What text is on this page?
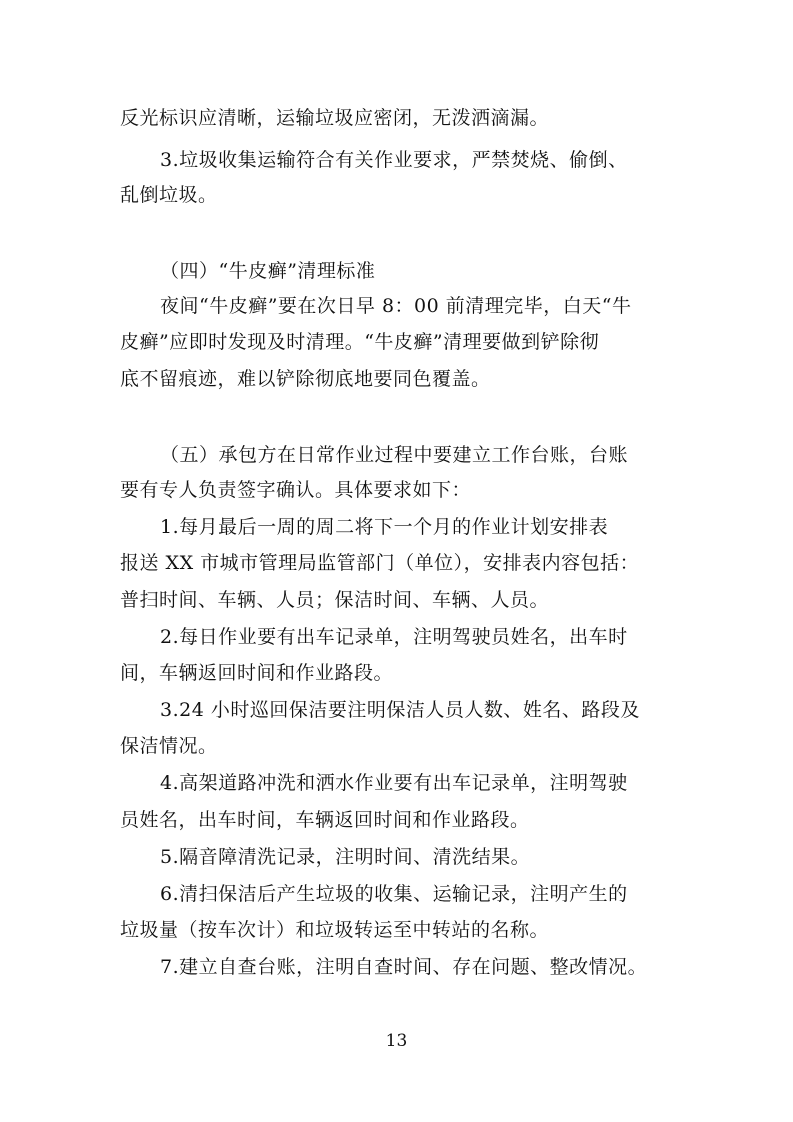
反光标识应清晰，运输垃圾应密闭，无泼洒滴漏。
3.垃圾收集运输符合有关作业要求，严禁焚烧、偷倒、
乱倒垃圾。
（四）“牛皮癣”清理标准
夜间“牛皮癣”要在次日早 8：00 前清理完毕，白天“牛
皮癣”应即时发现及时清理。“牛皮癣”清理要做到铲除彻
底不留痕迹，难以铲除彻底地要同色覆盖。
（五）承包方在日常作业过程中要建立工作台账，台账
要有专人负责签字确认。具体要求如下：
1.每月最后一周的周二将下一个月的作业计划安排表
报送 XX 市城市管理局监管部门（单位），安排表内容包括：
普扫时间、车辆、人员；保洁时间、车辆、人员。
2.每日作业要有出车记录单，注明驾驶员姓名，出车时
间，车辆返回时间和作业路段。
3.24 小时巡回保洁要注明保洁人员人数、姓名、路段及
保洁情况。
4.高架道路冲洗和洒水作业要有出车记录单，注明驾驶
员姓名，出车时间，车辆返回时间和作业路段。
5.隔音障清洗记录，注明时间、清洗结果。
6.清扫保洁后产生垃圾的收集、运输记录，注明产生的
垃圾量（按车次计）和垃圾转运至中转站的名称。
7.建立自查台账，注明自查时间、存在问题、整改情况。
13
